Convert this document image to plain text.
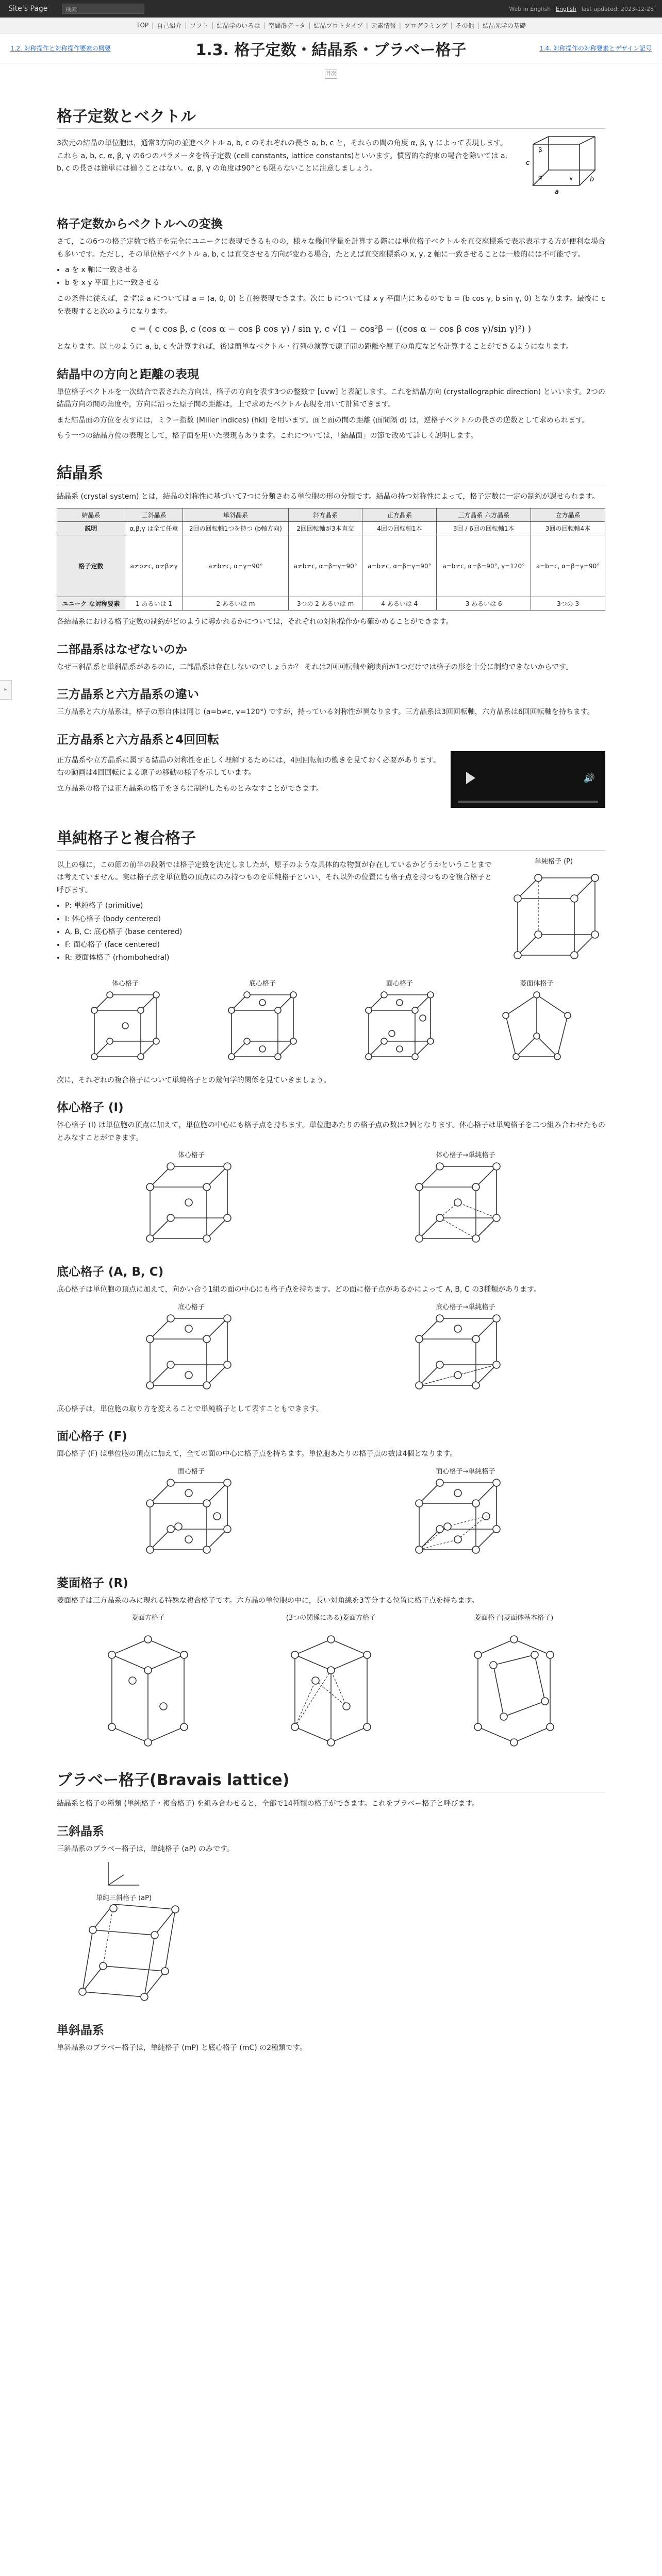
Site's Page	検索	Web in English English last updated: 2023-12-28
TOP | 自己紹介 | ソフト | 結晶学のいろは | 空間群データ | 結晶プロトタイプ | 元素情報 | プログラミング | その他 | 結晶光学の基礎
1.2. 対称操作と対称操作要素の概要	1.3. 格子定数・結晶系・ブラベー格子	1.4. 対称操作の対称要素とデザイン記号
目次
▸
格子定数とベクトル

3次元の結晶の単位胞は，通常3方向の並進ベクトル a, b, c のそれぞれの長さ a, b, c と，それらの間の角度 α, β, γ によって表現します。これら a, b, c, α, β, γ の6つのパラメータを格子定数 (cell constants, lattice constants)といいます。慣習的な約束の場合を除いては a, b, c の長さは簡単には揃うことはない。α, β, γ の角度は90°とも限らないことに注意しましょう。

a
b
c
α
β
γ
格子定数からベクトルへの変換

さて，この6つの格子定数で格子を完全にユニークに表現できるものの，様々な幾何学量を計算する際には単位格子ベクトルを直交座標系で表示表示する方が便利な場合も多いです。ただし，その単位格子ベクトル a, b, c は直交させる方向が変わる場合，たとえば直交座標系の x, y, z 軸に一致させることは一般的には不可能です。

• a を x 軸に一致させる
• b を x y 平面上に一致させる

この条件に従えば，まずは a については a = (a, 0, 0) と直接表現できます。次に b については x y 平面内にあるので b = (b cos γ, b sin γ, 0) となります。最後に c を表現すると次のようになります。

c = ( c cos β, c (cos α − cos β cos γ) / sin γ, c √(1 − cos²β − ((cos α − cos β cos γ)/sin γ)²) )

となります。以上のように a, b, c を計算すれば，後は簡単なベクトル・行列の演算で原子間の距離や原子の角度などを計算することができるようになります。

結晶中の方向と距離の表現

単位格子ベクトルを一次結合で表された方向は，格子の方向を表す3つの整数で [uvw] と表記します。これを結晶方向 (crystallographic direction) といいます。2つの結晶方向の間の角度や，方向に沿った原子間の距離は，上で求めたベクトル表現を用いて計算できます。

また結晶面の方位を表すには，ミラー指数 (Miller indices) (hkl) を用います。面と面の間の距離 (面間隔 d) は，逆格子ベクトルの長さの逆数として求められます。

もう一つの結晶方位の表現として，格子面を用いた表現もあります。これについては，「結晶面」の節で改めて詳しく説明します。

結晶系

結晶系 (crystal system) とは，結晶の対称性に基づいて7つに分類される単位胞の形の分類です。結晶の持つ対称性によって，格子定数に一定の制約が課せられます。

結晶系	三斜晶系	単斜晶系	斜方晶系	正方晶系	三方晶系 六方晶系	立方晶系
説明	α,β,γ は全て任意	2回の回転軸1つを持つ (b軸方向)	2回回転軸が3本直交	4回の回転軸1本	3回 / 6回の回転軸1本	3回の回転軸4本
格子定数	a≠b≠c, α≠β≠γ	a≠b≠c, α=γ=90°	a≠b≠c, α=β=γ=90°	a=b≠c, α=β=γ=90°	a=b≠c, α=β=90°, γ=120°	a=b=c, α=β=γ=90°
ユニーク な対称要素	1 あるいは 1̄	2 あるいは m	3つの 2 あるいは m	4 あるいは 4̄	3 あるいは 6	3つの 3

各結晶系における格子定数の制約がどのように導かれるかについては，それぞれの対称操作から確かめることができます。

二部晶系はなぜないのか

なぜ三斜晶系と単斜晶系があるのに，二部晶系は存在しないのでしょうか？ それは2回回転軸や鏡映面が1つだけでは格子の形を十分に制約できないからです。

三方晶系と六方晶系の違い

三方晶系と六方晶系は，格子の形自体は同じ (a=b≠c, γ=120°) ですが，持っている対称性が異なります。三方晶系は3回回転軸，六方晶系は6回回転軸を持ちます。

正方晶系と六方晶系と4回回転

正方晶系や立方晶系に属する結晶の対称性を正しく理解するためには，4回回転軸の働きを見ておく必要があります。右の動画は4回回転による原子の移動の様子を示しています。

立方晶系の格子は正方晶系の格子をさらに制約したものとみなすことができます。

🔊
単純格子と複合格子

以上の様に，この節の前半の段階では格子定数を決定しましたが，原子のような具体的な物質が存在しているかどうかということまでは考えていません。実は格子点を単位胞の頂点にのみ持つものを単純格子といい，それ以外の位置にも格子点を持つものを複合格子と呼びます。

• P: 単純格子 (primitive)
• I: 体心格子 (body centered)
• A, B, C: 底心格子 (base centered)
• F: 面心格子 (face centered)
• R: 菱面体格子 (rhombohedral)
単純格子 (P)
体心格子	底心格子	面心格子	菱面体格子

次に，それぞれの複合格子について単純格子との幾何学的関係を見ていきましょう。

体心格子 (I)

体心格子 (I) は単位胞の頂点に加えて，単位胞の中心にも格子点を持ちます。単位胞あたりの格子点の数は2個となります。体心格子は単純格子を二つ組み合わせたものとみなすことができます。

体心格子	体心格子→単純格子
底心格子 (A, B, C)

底心格子は単位胞の頂点に加えて，向かい合う1組の面の中心にも格子点を持ちます。どの面に格子点があるかによって A, B, C の3種類があります。

底心格子	底心格子→単純格子

底心格子は，単位胞の取り方を変えることで単純格子として表すこともできます。

面心格子 (F)

面心格子 (F) は単位胞の頂点に加えて，全ての面の中心に格子点を持ちます。単位胞あたりの格子点の数は4個となります。

面心格子	面心格子→単純格子
菱面格子 (R)

菱面格子は三方晶系のみに現れる特殊な複合格子です。六方晶の単位胞の中に，長い対角線を3等分する位置に格子点を持ちます。

菱面方格子	(3つの関係にある)菱面方格子	菱面格子(菱面体基本格子)
ブラベー格子(Bravais lattice)

結晶系と格子の種類 (単純格子・複合格子) を組み合わせると，全部で14種類の格子ができます。これをブラベー格子と呼びます。

三斜晶系

三斜晶系のブラベー格子は，単純格子 (aP) のみです。

単純三斜格子 (aP)
単斜晶系

単斜晶系のブラベー格子は，単純格子 (mP) と底心格子 (mC) の2種類です。
